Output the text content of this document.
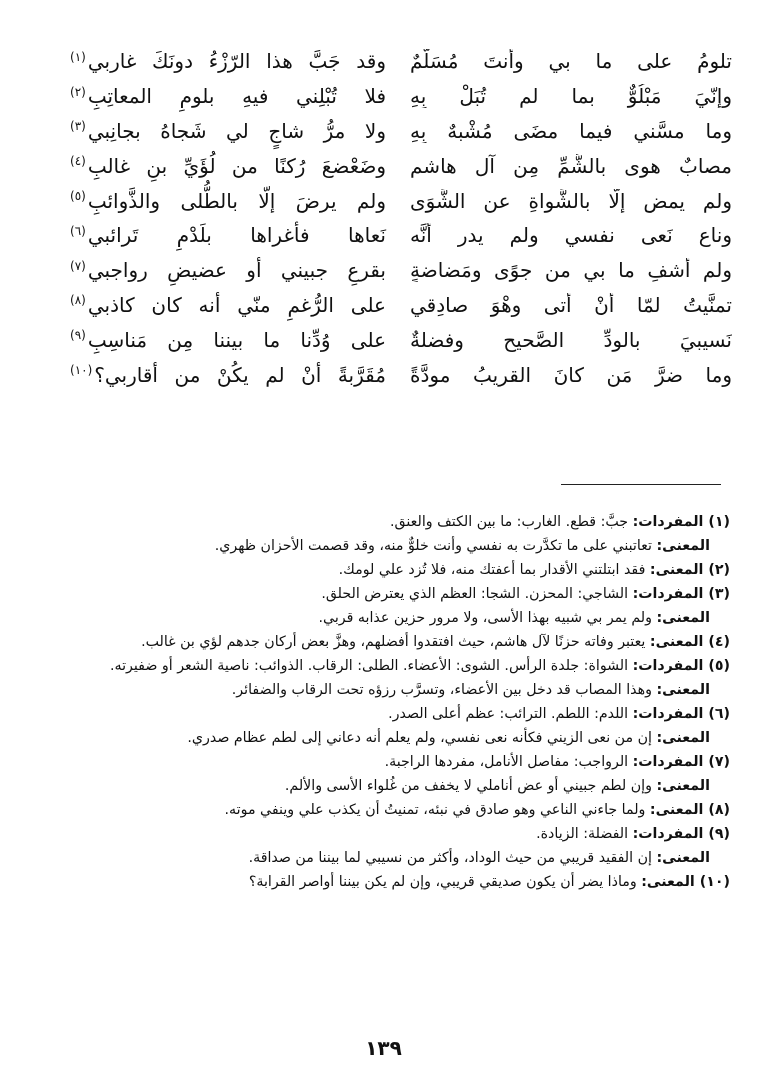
تلومُ على ما بي وأنتَ مُسَلَّمٌ
وقد جَبَّ هذا الرّزْءُ دونَكَ غاربي$^{(١)}$
وإنّيَ مَبْلُوٌّ بما لم تُبَلْ بِهِ
فلا تُبْلِني فيهِ بلومِ المعاتِبِ$^{(٢)}$
وما مسَّني فيما مضَى مُشْبهٌ بِهِ
ولا مرُّ شاجٍ لي شَجاهُ بجانِبي$^{(٣)}$
مصابٌ هوى بالشُّمِّ مِن آل هاشمٍ
وضَعْضعَ رُكنًا من لُؤَيِّ بنِ غالبِ$^{(٤)}$
ولم يمضِ إلّا بالشَّواةِ عنِ الشَّوَى
ولم يرضَ إلّا بالطُّلى والذَّوائبِ$^{(٥)}$
وناعٍ نَعى نفسي ولم يدرِ أنَّه
نَعاها فأغراها بلَدْمِ تَرائبي$^{(٦)}$
ولم أشفِ ما بي من جوًى ومَضاضةٍ
بقرعِ جبيني أو عضيضِ رواجبي$^{(٧)}$
تمنَّيتُ لمّا أنْ أتى وهْوَ صادِقي
على الرُّغمِ منّي أنه كان كاذبي$^{(٨)}$
نَسيبيَ بالودِّ الصَّحيحِ وفضلةٌ
على وُدِّنا ما بيننا مِن مَناسِبِ$^{(٩)}$
وما ضرَّ مَن كانَ القريبُ مودَّةً
مُقَرَّبةً أنْ لم يكُنْ من أقاربي؟$^{(١٠)}$

(١) المفردات: جبَّ: قطع. الغارب: ما بين الكتف والعنق.

المعنى: تعاتبني على ما تكدَّرت به نفسي وأنت خلوٌّ منه، وقد قصمت الأحزان ظهري.

(٢) المعنى: فقد ابتلتني الأقدار بما أعفتك منه، فلا تُزد علي لومك.

(٣) المفردات: الشاجي: المحزن. الشجا: العظم الذي يعترض الحلق.

المعنى: ولم يمر بي شبيه بهذا الأسى، ولا مرور حزين عذابه قربي.

(٤) المعنى: يعتبر وفاته حزنًا لآل هاشم، حيث افتقدوا أفضلهم، وهزَّ بعض أركان جدهم لؤي بن غالب.

(٥) المفردات: الشواة: جلدة الرأس. الشوى: الأعضاء. الطلى: الرقاب. الذوائب: ناصية الشعر أو ضفيرته.

المعنى: وهذا المصاب قد دخل بين الأعضاء، وتسرَّب رزؤه تحت الرقاب والضفائر.

(٦) المفردات: اللدم: اللطم. الترائب: عظم أعلى الصدر.

المعنى: إن من نعى الزيني فكأنه نعى نفسي، ولم يعلم أنه دعاني إلى لطم عظام صدري.

(٧) المفردات: الرواجب: مفاصل الأنامل، مفردها الراجبة.

المعنى: وإن لطم جبيني أو عض أناملي لا يخفف من غُلواء الأسى والألم.

(٨) المعنى: ولما جاءني الناعي وهو صادق في نبئه، تمنيتُ أن يكذب علي وينفي موته.

(٩) المفردات: الفضلة: الزيادة.

المعنى: إن الفقيد قريبي من حيث الوداد، وأكثر من نسيبي لما بيننا من صداقة.

(١٠) المعنى: وماذا يضر أن يكون صديقي قريبي، وإن لم يكن بيننا أواصر القرابة؟

١٣٩
